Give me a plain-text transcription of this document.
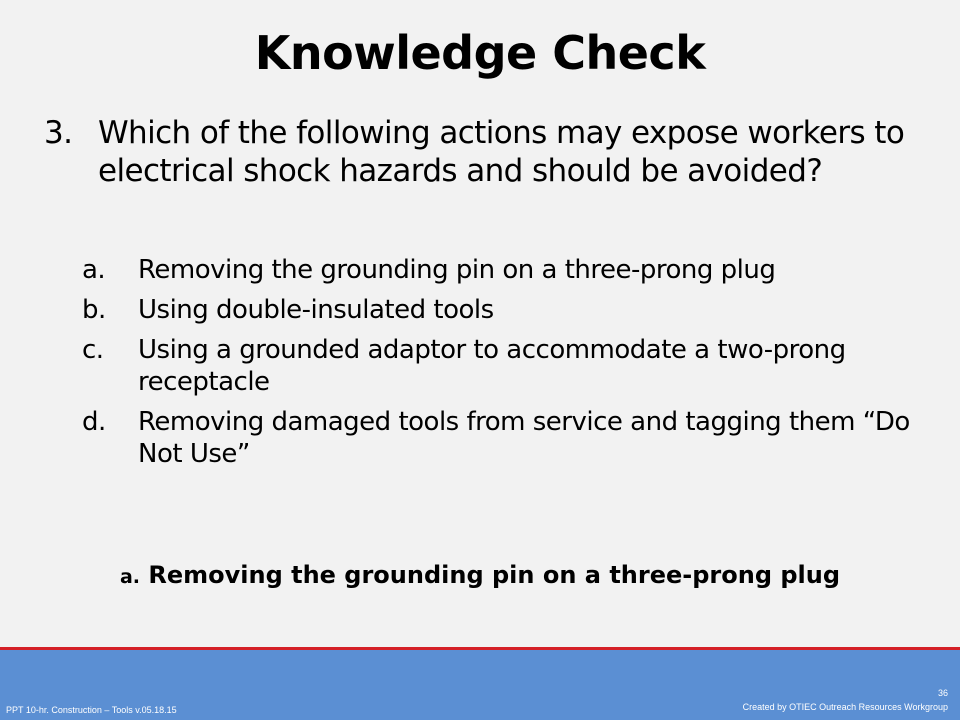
Knowledge Check
3. Which of the following actions may expose workers to electrical shock hazards and should be avoided?
a.	Removing the grounding pin on a three-prong plug
b.	Using double-insulated tools
c.	Using a grounded adaptor to accommodate a two-prong receptacle
d.	Removing damaged tools from service and tagging them “Do Not Use”
a. Removing the grounding pin on a three-prong plug
PPT 10-hr. Construction – Tools v.05.18.15
36
Created by OTIEC Outreach Resources Workgroup
